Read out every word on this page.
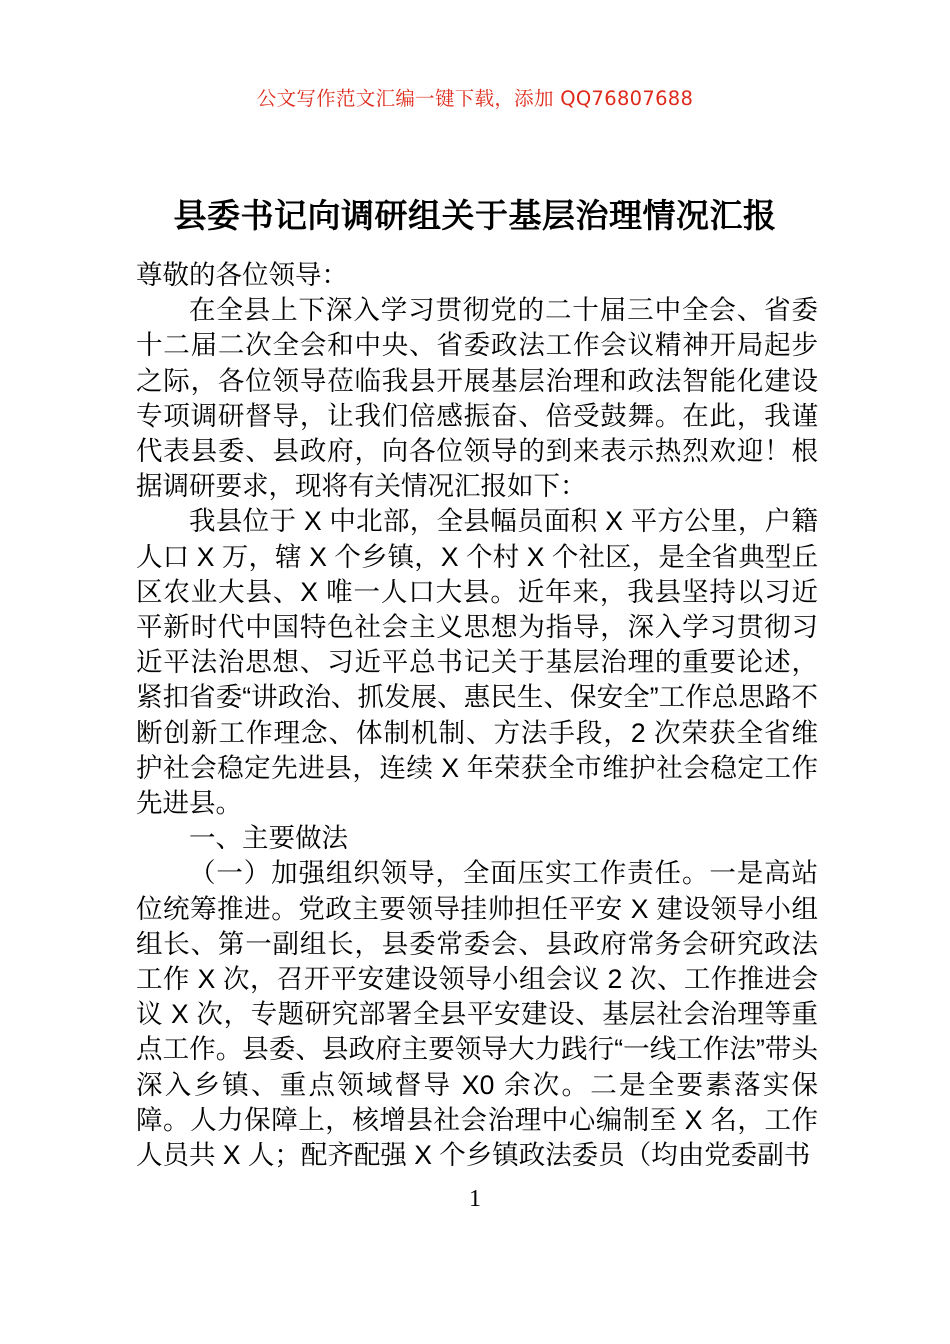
公文写作范文汇编一键下载，添加 QQ76807688
县委书记向调研组关于基层治理情况汇报

尊敬的各位领导：

在全县上下深入学习贯彻党的二十届三中全会、省委十二届二次全会和中央、省委政法工作会议精神开局起步之际，各位领导莅临我县开展基层治理和政法智能化建设专项调研督导，让我们倍感振奋、倍受鼓舞。在此，我谨代表县委、县政府，向各位领导的到来表示热烈欢迎！根据调研要求，现将有关情况汇报如下：

我县位于 X 中北部，全县幅员面积 X 平方公里，户籍人口 X 万，辖 X 个乡镇，X 个村 X 个社区，是全省典型丘区农业大县、X 唯一人口大县。近年来，我县坚持以习近平新时代中国特色社会主义思想为指导，深入学习贯彻习近平法治思想、习近平总书记关于基层治理的重要论述，紧扣省委“讲政治、抓发展、惠民生、保安全”工作总思路不断创新工作理念、体制机制、方法手段，2 次荣获全省维护社会稳定先进县，连续 X 年荣获全市维护社会稳定工作先进县。

一、主要做法

（一）加强组织领导，全面压实工作责任。一是高站位统筹推进。党政主要领导挂帅担任平安 X 建设领导小组组长、第一副组长，县委常委会、县政府常务会研究政法工作 X 次，召开平安建设领导小组会议 2 次、工作推进会议 X 次，专题研究部署全县平安建设、基层社会治理等重点工作。县委、县政府主要领导大力践行“一线工作法”带头深入乡镇、重点领域督导 X0 余次。二是全要素落实保障。人力保障上，核增县社会治理中心编制至 X 名，工作人员共 X 人；配齐配强 X 个乡镇政法委员（均由党委副书

1
